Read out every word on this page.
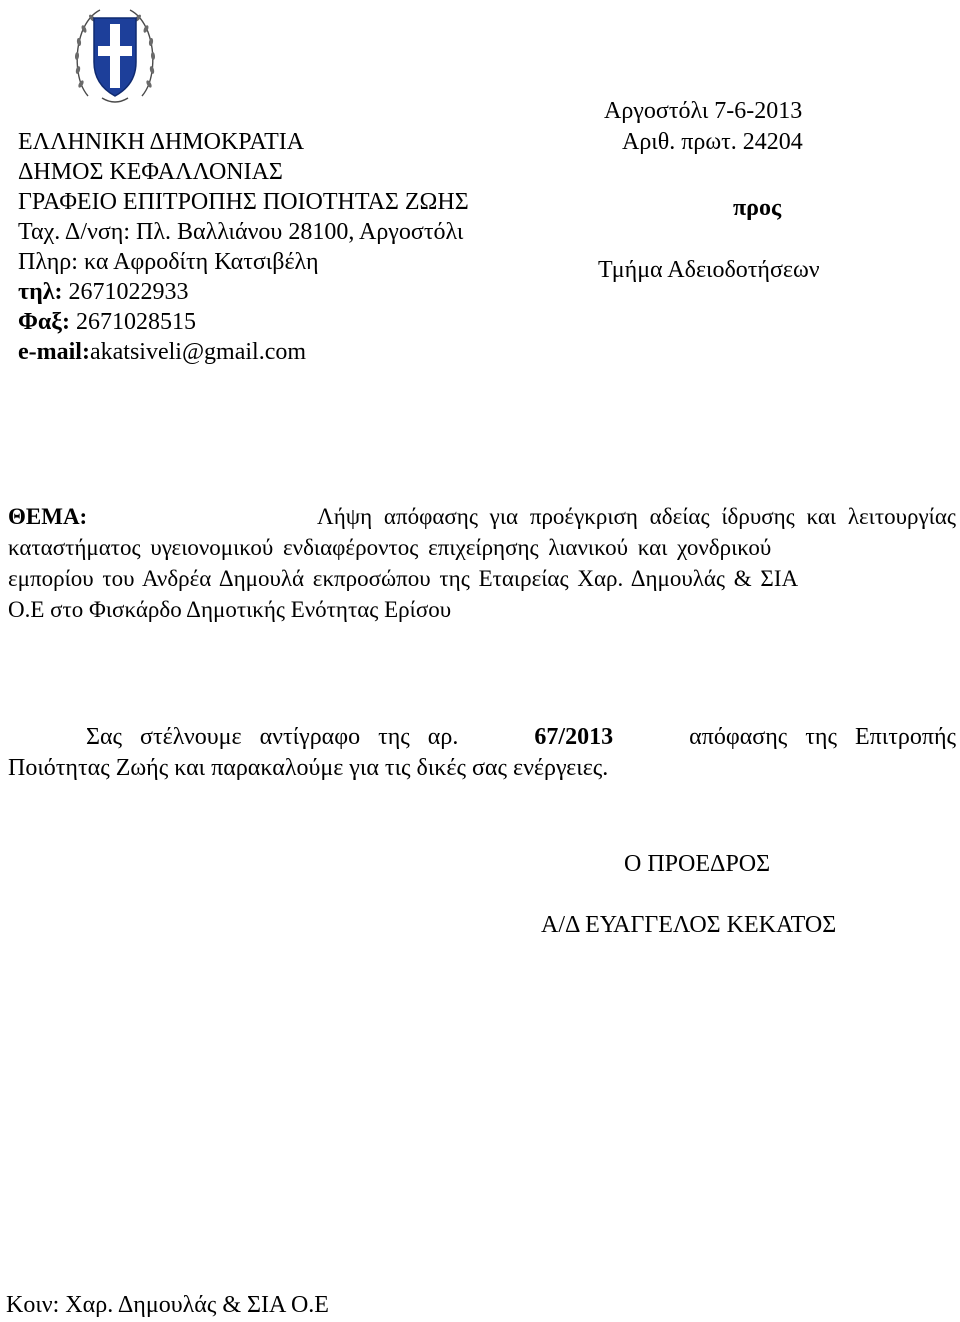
ΕΛΛΗΝΙΚΗ ΔΗΜΟΚΡΑΤΙΑ
ΔΗΜΟΣ ΚΕΦΑΛΛΟΝΙΑΣ
ΓΡΑΦΕΙΟ ΕΠΙΤΡΟΠΗΣ ΠΟΙΟΤΗΤΑΣ ΖΩΗΣ
Ταχ. Δ/νση: Πλ. Βαλλιάνου 28100, Αργοστόλι
Πληρ: κα Αφροδίτη Κατσιβέλη
τηλ: 2671022933
Φαξ: 2671028515
e-mail:akatsiveli@gmail.com
Αργοστόλι 7-6-2013
Αριθ. πρωτ. 24204
προς
Τμήμα Αδειοδοτήσεων
ΘΕΜΑ:	Λήψη απόφασης για προέγκριση αδείας ίδρυσης και λειτουργίας
καταστήματος υγειονομικού ενδιαφέροντος επιχείρησης λιανικού και χονδρικού
εμπορίου του Ανδρέα Δημουλά εκπροσώπου της Εταιρείας Χαρ. Δημουλάς & ΣΙΑ
Ο.Ε στο Φισκάρδο Δημοτικής Ενότητας Ερίσου
Σας στέλνουμε αντίγραφο της αρ.	67/2013	απόφασης της Επιτροπής
Ποιότητας Ζωής και παρακαλούμε για τις δικές σας ενέργειες.
Ο ΠΡΟΕΔΡΟΣ
Α/Δ ΕΥΑΓΓΕΛΟΣ ΚΕΚΑΤΟΣ
Κοιν: Χαρ. Δημουλάς & ΣΙΑ Ο.Ε
